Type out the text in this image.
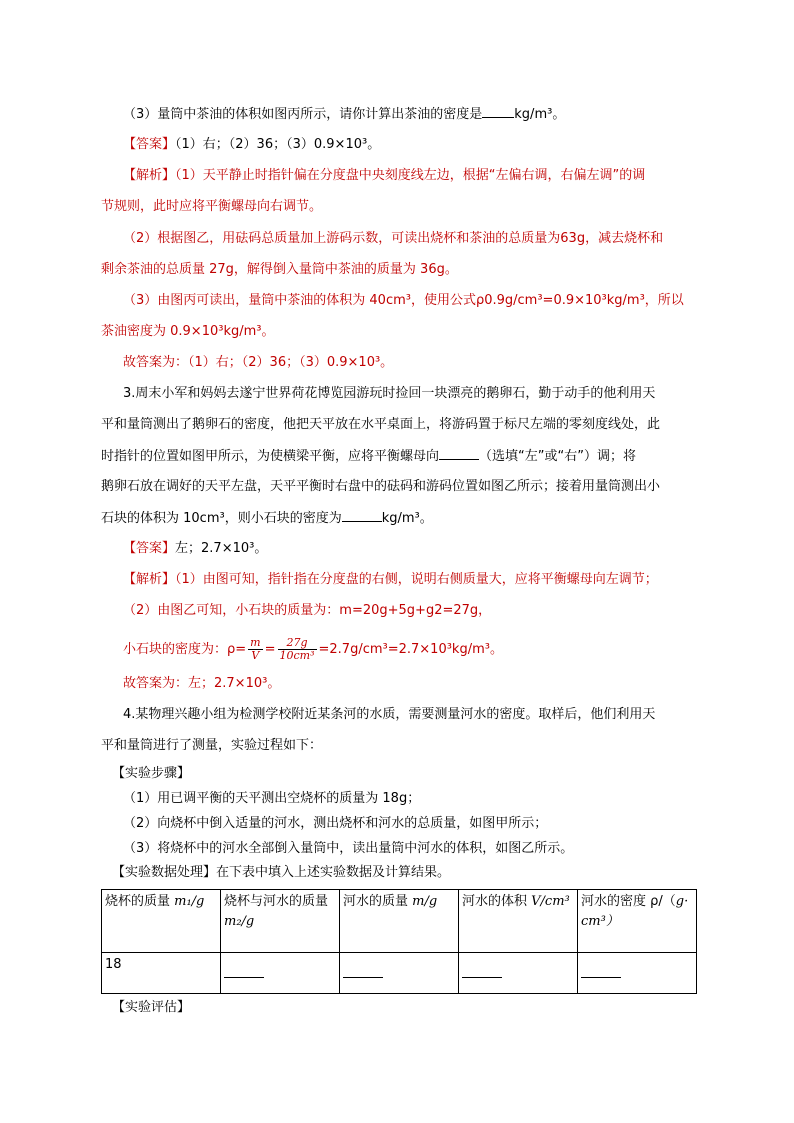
（3）量筒中茶油的体积如图丙所示，请你计算出茶油的密度是 kg/m³。
【答案】（1）右；（2）36；（3）0.9×10³。
【解析】（1）天平静止时指针偏在分度盘中央刻度线左边，根据“左偏右调，右偏左调”的调
节规则，此时应将平衡螺母向右调节。
（2）根据图乙，用砝码总质量加上游码示数，可读出烧杯和茶油的总质量为63g，减去烧杯和
剩余茶油的总质量 27g，解得倒入量筒中茶油的质量为 36g。
（3）由图丙可读出，量筒中茶油的体积为 40cm³，使用公式ρ0.9g/cm³=0.9×10³kg/m³，所以
茶油密度为 0.9×10³kg/m³。
故答案为：（1）右；（2）36；（3）0.9×10³。
3.周末小军和妈妈去遂宁世界荷花博览园游玩时捡回一块漂亮的鹅卵石，勤于动手的他利用天
平和量筒测出了鹅卵石的密度，他把天平放在水平桌面上，将游码置于标尺左端的零刻度线处，此
时指针的位置如图甲所示，为使横梁平衡，应将平衡螺母向	（选填“左”或“右”）调；将
鹅卵石放在调好的天平左盘，天平平衡时右盘中的砝码和游码位置如图乙所示；接着用量筒测出小
石块的体积为 10cm³，则小石块的密度为	kg/m³。
【答案】左；2.7×10³。
【解析】（1）由图可知，指针指在分度盘的右侧，说明右侧质量大，应将平衡螺母向左调节；
（2）由图乙可知，小石块的质量为：m=20g+5g+g2=27g，
小石块的密度为：$\rho= \frac{m}{V} = \frac{27g}{\text{10cm³}} =2.7g/cm^3=2.7\times 10^3kg/m^3$。
故答案为：左；2.7×10³。
4.某物理兴趣小组为检测学校附近某条河的水质，需要测量河水的密度。取样后，他们利用天
平和量筒进行了测量，实验过程如下：
【实验步骤】
（1）用已调平衡的天平测出空烧杯的质量为 18g；
（2）向烧杯中倒入适量的河水，测出烧杯和河水的总质量，如图甲所示；
（3）将烧杯中的河水全部倒入量筒中，读出量筒中河水的体积，如图乙所示。
【实验数据处理】在下表中填入上述实验数据及计算结果。
烧杯的质量 m₁/g	烧杯与河水的质量
m₂/g	河水的质量 m/g	河水的体积 V/cm³	河水的密度 ρ/（g·
cm³）
18				
【实验评估】
